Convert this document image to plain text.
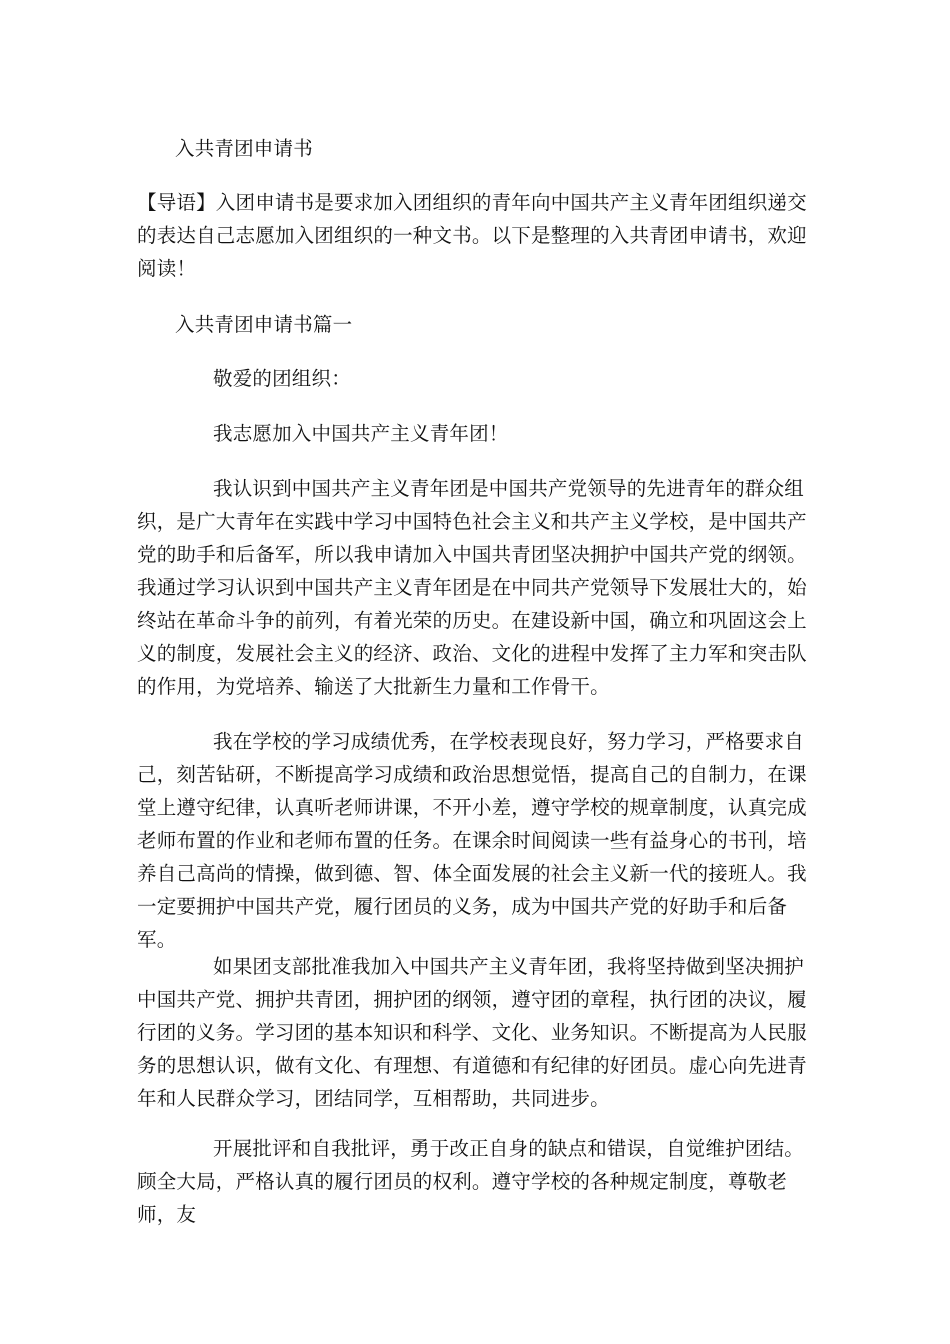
入共青团申请书
【导语】入团申请书是要求加入团组织的青年向中国共产主义青年团组织递交的表达自己志愿加入团组织的一种文书。以下是整理的入共青团申请书，欢迎阅读！
入共青团申请书篇一
敬爱的团组织：
我志愿加入中国共产主义青年团！
我认识到中国共产主义青年团是中国共产党领导的先进青年的群众组织，是广大青年在实践中学习中国特色社会主义和共产主义学校，是中国共产党的助手和后备军，所以我申请加入中国共青团坚决拥护中国共产党的纲领。我通过学习认识到中国共产主义青年团是在中同共产党领导下发展壮大的，始终站在革命斗争的前列，有着光荣的历史。在建设新中国，确立和巩固这会上义的制度，发展社会主义的经济、政治、文化的进程中发挥了主力军和突击队的作用，为党培养、输送了大批新生力量和工作骨干。
我在学校的学习成绩优秀，在学校表现良好，努力学习，严格要求自己，刻苦钻研，不断提高学习成绩和政治思想觉悟，提高自己的自制力，在课堂上遵守纪律，认真听老师讲课，不开小差，遵守学校的规章制度，认真完成老师布置的作业和老师布置的任务。在课余时间阅读一些有益身心的书刊，培养自己高尚的情操，做到德、智、体全面发展的社会主义新一代的接班人。我一定要拥护中国共产党，履行团员的义务，成为中国共产党的好助手和后备军。
如果团支部批准我加入中国共产主义青年团，我将坚持做到坚决拥护中国共产党、拥护共青团，拥护团的纲领，遵守团的章程，执行团的决议，履行团的义务。学习团的基本知识和科学、文化、业务知识。不断提高为人民服务的思想认识，做有文化、有理想、有道德和有纪律的好团员。虚心向先进青年和人民群众学习，团结同学，互相帮助，共同进步。
开展批评和自我批评，勇于改正自身的缺点和错误，自觉维护团结。顾全大局，严格认真的履行团员的权利。遵守学校的各种规定制度，尊敬老师，友
